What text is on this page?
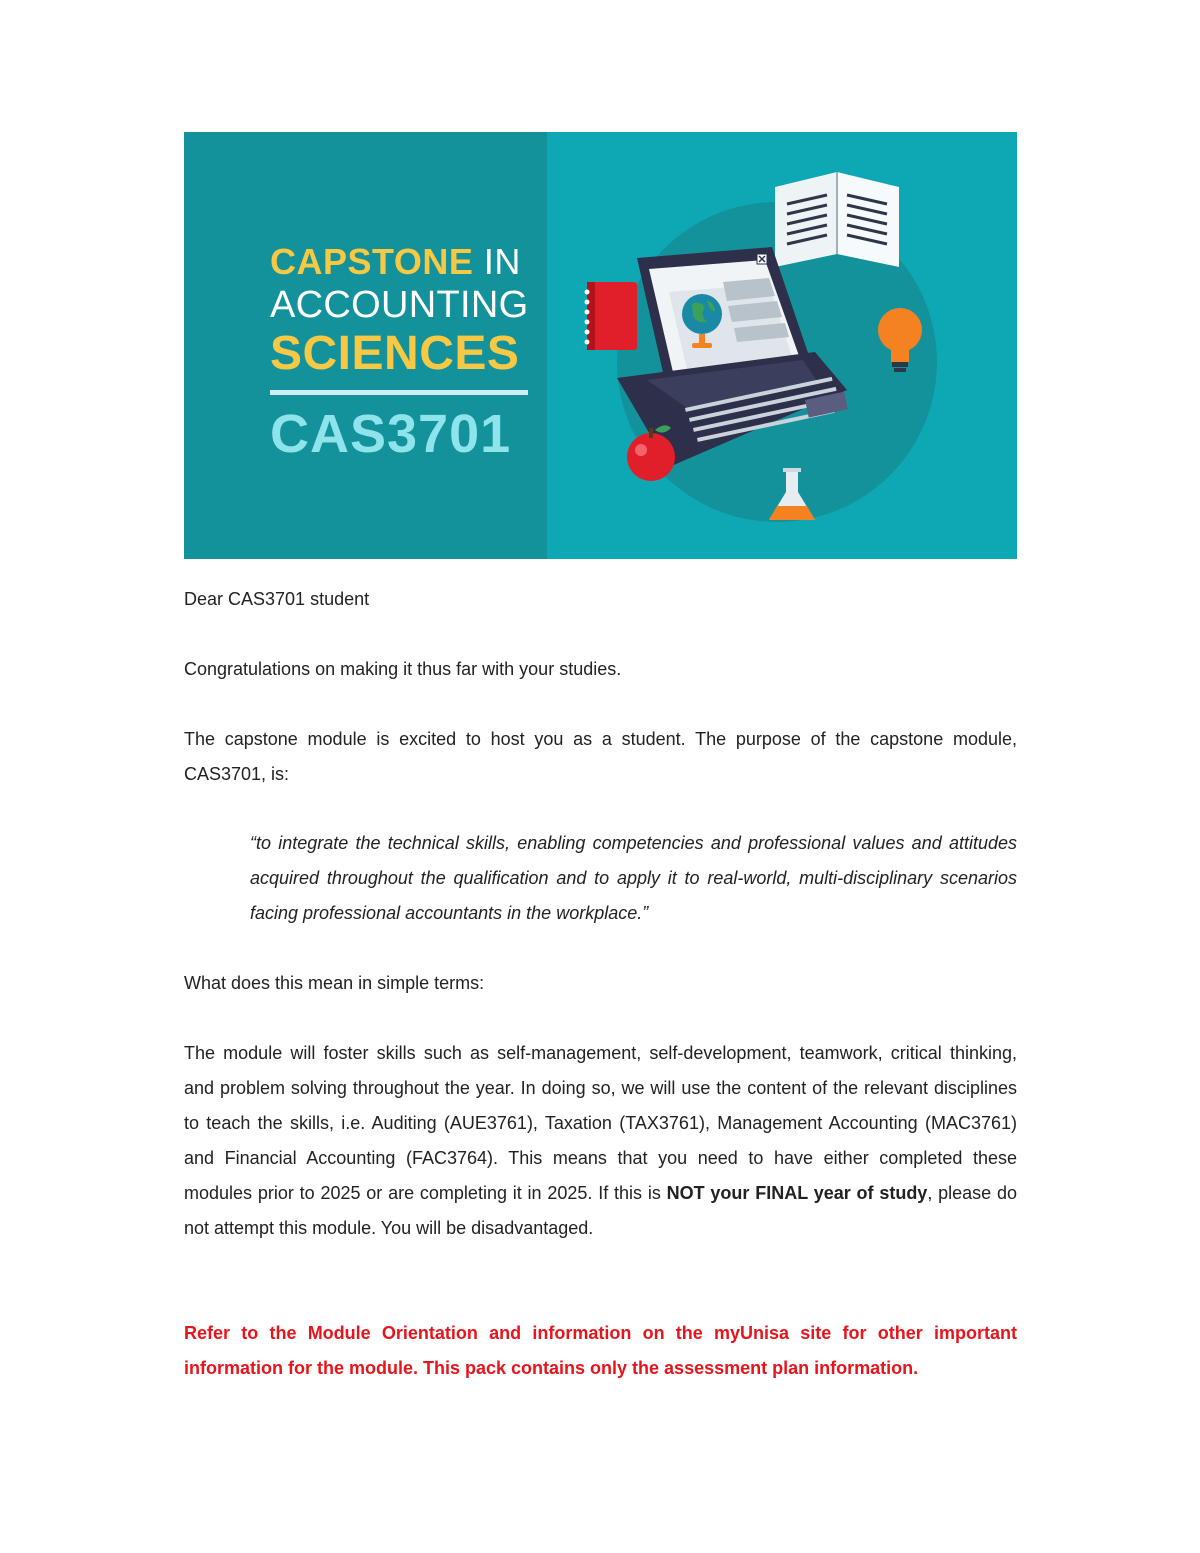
CAPSTONE IN
ACCOUNTING
SCIENCES
CAS3701

Dear CAS3701 student

Congratulations on making it thus far with your studies.

The capstone module is excited to host you as a student. The purpose of the capstone module, CAS3701, is:

“to integrate the technical skills, enabling competencies and professional values and attitudes acquired throughout the qualification and to apply it to real-world, multi-disciplinary scenarios facing professional accountants in the workplace.”

What does this mean in simple terms:

The module will foster skills such as self-management, self-development, teamwork, critical thinking, and problem solving throughout the year. In doing so, we will use the content of the relevant disciplines to teach the skills, i.e. Auditing (AUE3761), Taxation (TAX3761), Management Accounting (MAC3761) and Financial Accounting (FAC3764). This means that you need to have either completed these modules prior to 2025 or are completing it in 2025. If this is NOT your FINAL year of study, please do not attempt this module. You will be disadvantaged.

Refer to the Module Orientation and information on the myUnisa site for other important information for the module. This pack contains only the assessment plan information.
